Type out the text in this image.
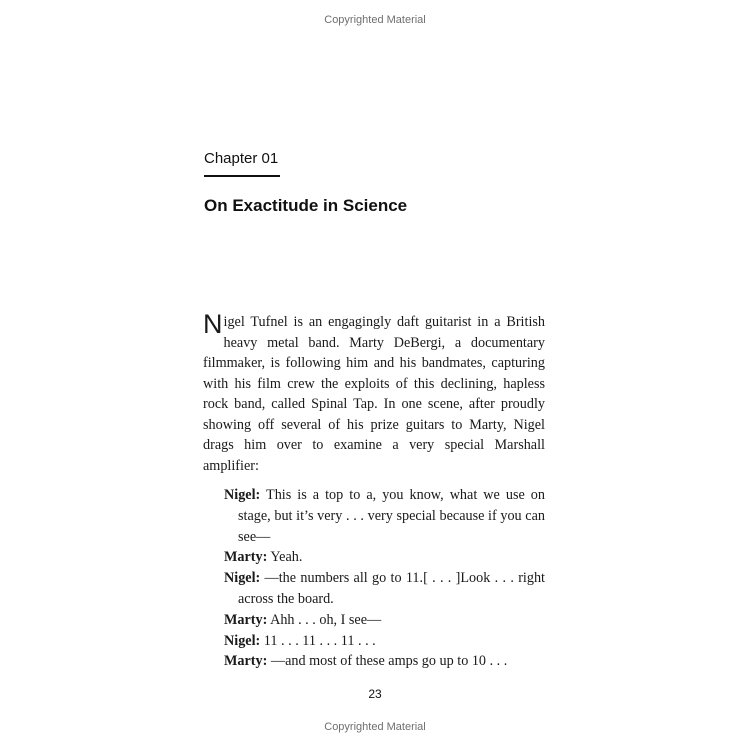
Copyrighted Material
Chapter 01
On Exactitude in Science

Nigel Tufnel is an engagingly daft guitarist in a British heavy metal band. Marty DeBergi, a documentary filmmaker, is following him and his bandmates, capturing with his film crew the exploits of this declining, hapless rock band, called Spinal Tap. In one scene, after proudly showing off several of his prize guitars to Marty, Nigel drags him over to examine a very special Marshall amplifier:

Nigel: This is a top to a, you know, what we use on stage, but it’s very . . . very special because if you can see—

Marty: Yeah.

Nigel: —the numbers all go to 11.[ . . . ]Look . . . right across the board.

Marty: Ahh . . . oh, I see—

Nigel: 11 . . . 11 . . . 11 . . .

Marty: —and most of these amps go up to 10 . . .

23
Copyrighted Material
